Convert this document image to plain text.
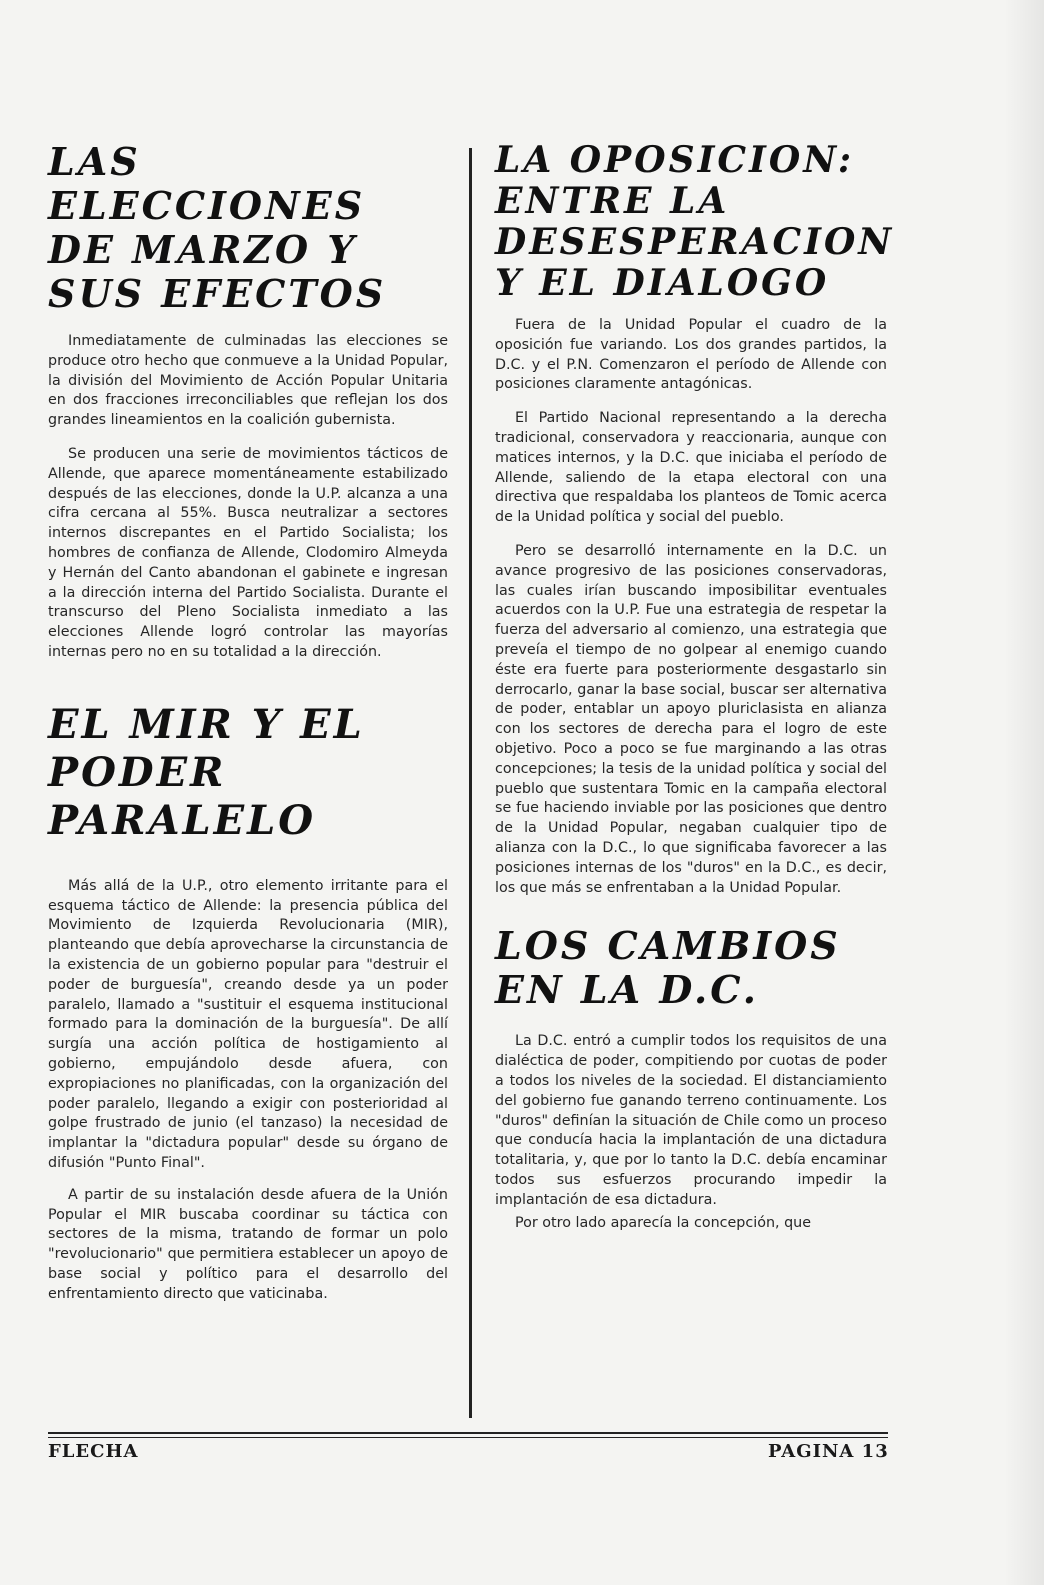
LAS ELECCIONES
DE MARZO Y
SUS EFECTOS

Inmediatamente de culminadas las elecciones se produce otro hecho que conmueve a la Unidad Popular, la división del Movimiento de Acción Popular Unitaria en dos fracciones irreconciliables que reflejan los dos grandes lineamientos en la coalición gubernista.

Se producen una serie de movimientos tácticos de Allende, que aparece momentáneamente estabilizado después de las elecciones, donde la U.P. alcanza a una cifra cercana al 55%. Busca neutralizar a sectores internos discrepantes en el Partido Socialista; los hombres de confianza de Allende, Clodomiro Almeyda y Hernán del Canto abandonan el gabinete e ingresan a la dirección interna del Partido Socialista. Durante el transcurso del Pleno Socialista inmediato a las elecciones Allende logró controlar las mayorías internas pero no en su totalidad a la dirección.

EL MIR Y EL
PODER
PARALELO

Más allá de la U.P., otro elemento irritante para el esquema táctico de Allende: la presencia pública del Movimiento de Izquierda Revolucionaria (MIR), planteando que debía aprovecharse la circunstancia de la existencia de un gobierno popular para "destruir el poder de burguesía", creando desde ya un poder paralelo, llamado a "sustituir el esquema institucional formado para la dominación de la burguesía". De allí surgía una acción política de hostigamiento al gobierno, empujándolo desde afuera, con expropiaciones no planificadas, con la organización del poder paralelo, llegando a exigir con posterioridad al golpe frustrado de junio (el tanzaso) la necesidad de implantar la "dictadura popular" desde su órgano de difusión "Punto Final".

A partir de su instalación desde afuera de la Unión Popular el MIR buscaba coordinar su táctica con sectores de la misma, tratando de formar un polo "revolucionario" que permitiera establecer un apoyo de base social y político para el desarrollo del enfrentamiento directo que vaticinaba.

LA OPOSICION:
ENTRE LA
DESESPERACION
Y EL DIALOGO

Fuera de la Unidad Popular el cuadro de la oposición fue variando. Los dos grandes partidos, la D.C. y el P.N. Comenzaron el período de Allende con posiciones claramente antagónicas.

El Partido Nacional representando a la derecha tradicional, conservadora y reaccionaria, aunque con matices internos, y la D.C. que iniciaba el período de Allende, saliendo de la etapa electoral con una directiva que respaldaba los planteos de Tomic acerca de la Unidad política y social del pueblo.

Pero se desarrolló internamente en la D.C. un avance progresivo de las posiciones conservadoras, las cuales irían buscando imposibilitar eventuales acuerdos con la U.P. Fue una estrategia de respetar la fuerza del adversario al comienzo, una estrategia que preveía el tiempo de no golpear al enemigo cuando éste era fuerte para posteriormente desgastarlo sin derrocarlo, ganar la base social, buscar ser alternativa de poder, entablar un apoyo pluriclasista en alianza con los sectores de derecha para el logro de este objetivo. Poco a poco se fue marginando a las otras concepciones; la tesis de la unidad política y social del pueblo que sustentara Tomic en la campaña electoral se fue haciendo inviable por las posiciones que dentro de la Unidad Popular, negaban cualquier tipo de alianza con la D.C., lo que significaba favorecer a las posiciones internas de los "duros" en la D.C., es decir, los que más se enfrentaban a la Unidad Popular.

LOS CAMBIOS
EN LA D.C.

La D.C. entró a cumplir todos los requisitos de una dialéctica de poder, compitiendo por cuotas de poder a todos los niveles de la sociedad. El distanciamiento del gobierno fue ganando terreno continuamente. Los "duros" definían la situación de Chile como un proceso que conducía hacia la implantación de una dictadura totalitaria, y, que por lo tanto la D.C. debía encaminar todos sus esfuerzos procurando impedir la implantación de esa dictadura.

Por otro lado aparecía la concepción, que

FLECHA	PAGINA 13
